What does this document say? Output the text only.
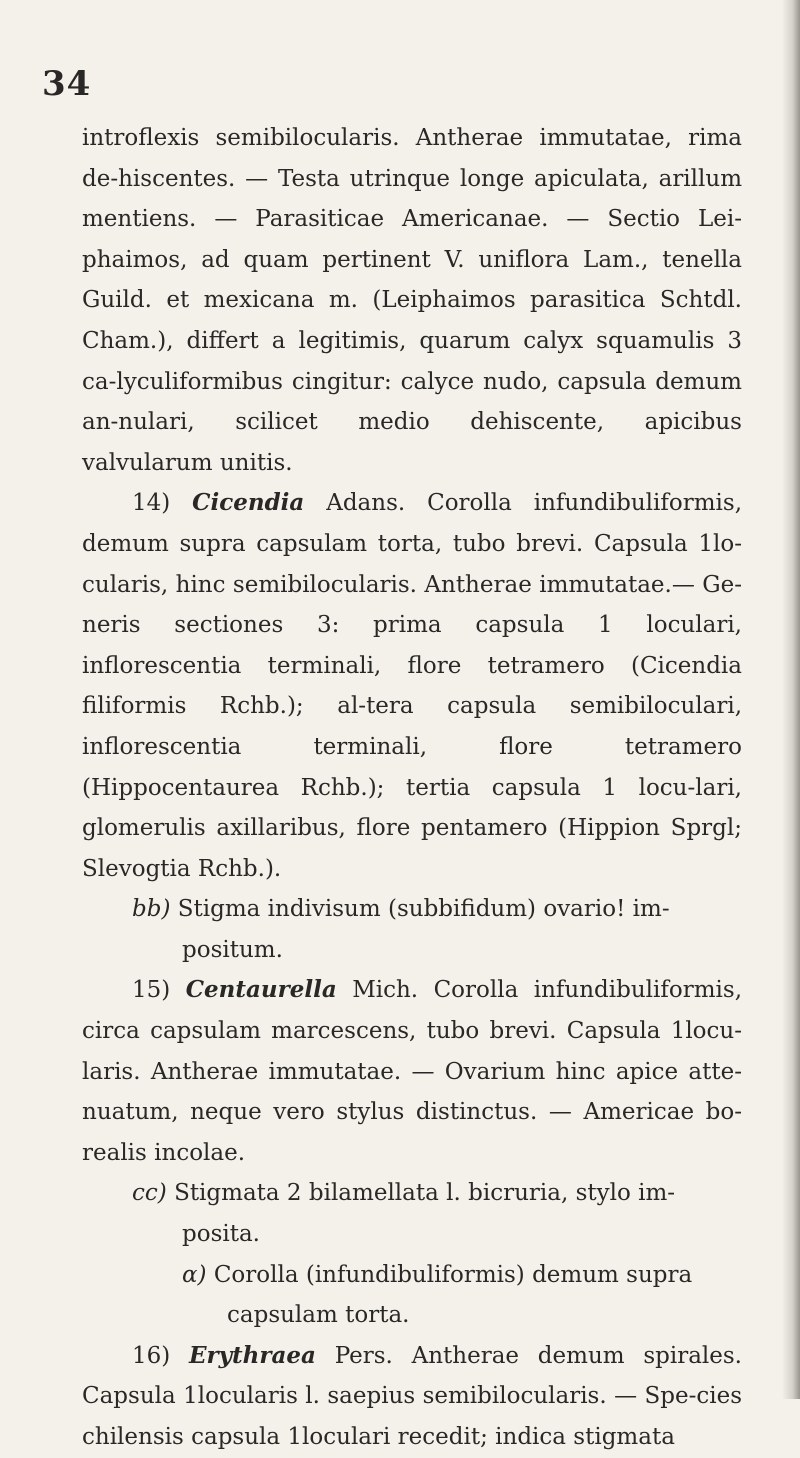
34

introflexis semibilocularis. Antherae immutatae, rima de-hiscentes. — Testa utrinque longe apiculata, arillum mentiens. — Parasiticae Americanae. — Sectio Lei-phaimos, ad quam pertinent V. uniflora Lam., tenella Guild. et mexicana m. (Leiphaimos parasitica Schtdl. Cham.), differt a legitimis, quarum calyx squamulis 3 ca-lyculiformibus cingitur: calyce nudo, capsula demum an-nulari, scilicet medio dehiscente, apicibus valvularum unitis.

14) Cicendia Adans. Corolla infundibuliformis, demum supra capsulam torta, tubo brevi. Capsula 1lo-cularis, hinc semibilocularis. Antherae immutatae.— Ge-neris sectiones 3: prima capsula 1 loculari, inflorescentia terminali, flore tetramero (Cicendia filiformis Rchb.); al-tera capsula semibiloculari, inflorescentia terminali, flore tetramero (Hippocentaurea Rchb.); tertia capsula 1 locu-lari, glomerulis axillaribus, flore pentamero (Hippion Sprgl; Slevogtia Rchb.).

bb) Stigma indivisum (subbifidum) ovario! im-positum.

15) Centaurella Mich. Corolla infundibuliformis, circa capsulam marcescens, tubo brevi. Capsula 1locu-laris. Antherae immutatae. — Ovarium hinc apice atte-nuatum, neque vero stylus distinctus. — Americae bo-realis incolae.

cc) Stigmata 2 bilamellata l. bicruria, stylo im-posita.

α) Corolla (infundibuliformis) demum supra capsulam torta.

16) Erythraea Pers. Antherae demum spirales. Capsula 1locularis l. saepius semibilocularis. — Spe-cies chilensis capsula 1loculari recedit; indica stigmata
